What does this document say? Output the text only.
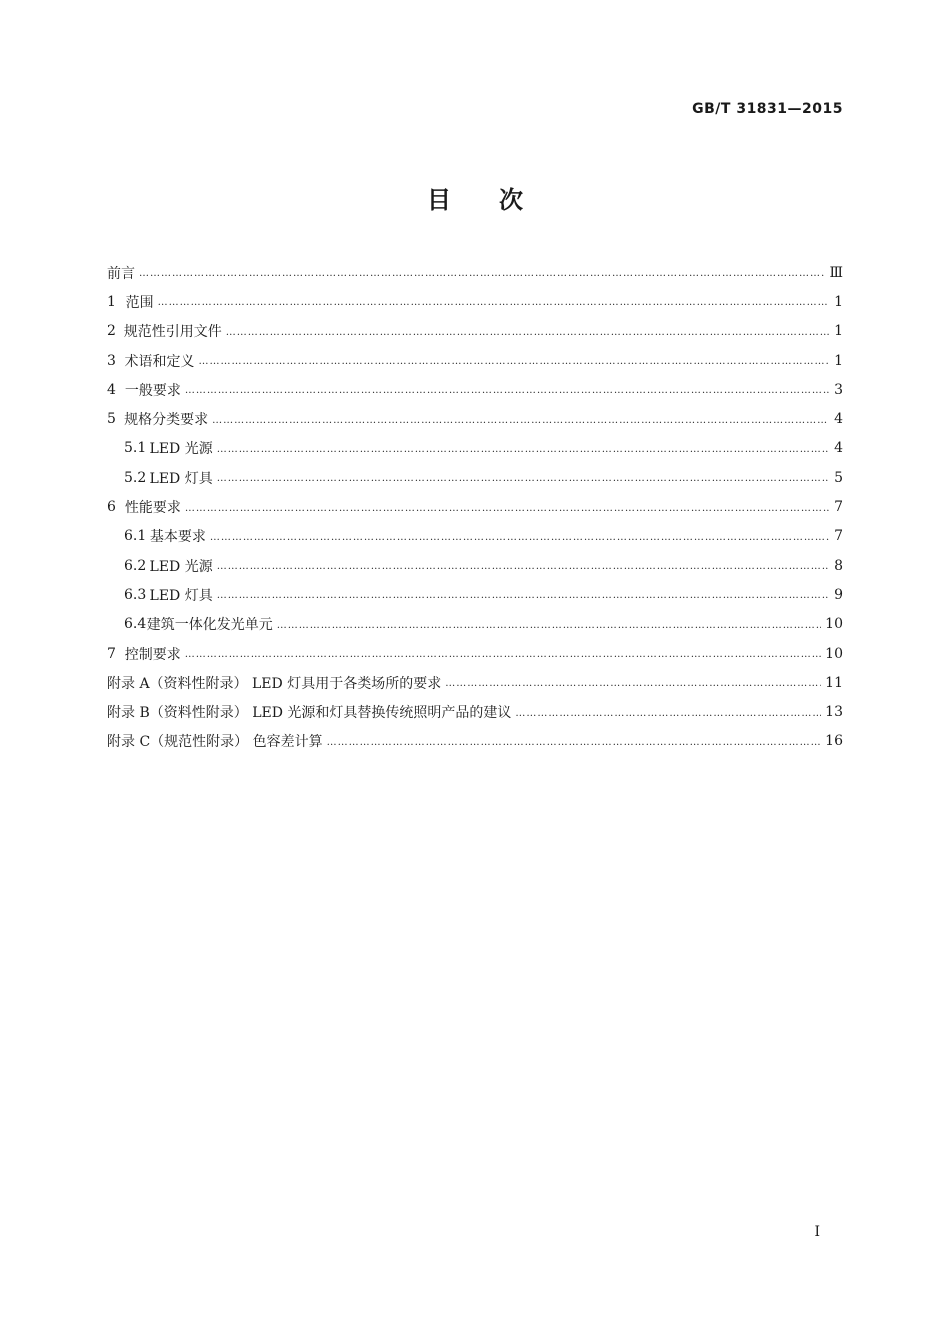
GB/T 31831—2015
目 次
前言 …………………………………………………………………………………………………………………………………………………………………………………………………………………………………	Ⅲ
1 范围 …………………………………………………………………………………………………………………………………………………………………………………………………………………………………	1
2 规范性引用文件 …………………………………………………………………………………………………………………………………………………………………………………………………………………………………	1
3 术语和定义 …………………………………………………………………………………………………………………………………………………………………………………………………………………………………	1
4 一般要求 …………………………………………………………………………………………………………………………………………………………………………………………………………………………………	3
5 规格分类要求 …………………………………………………………………………………………………………………………………………………………………………………………………………………………………	4
5.1 LED 光源 …………………………………………………………………………………………………………………………………………………………………………………………………………………………………	4
5.2 LED 灯具 …………………………………………………………………………………………………………………………………………………………………………………………………………………………………	5
6 性能要求 …………………………………………………………………………………………………………………………………………………………………………………………………………………………………	7
6.1 基本要求 …………………………………………………………………………………………………………………………………………………………………………………………………………………………………	7
6.2 LED 光源 …………………………………………………………………………………………………………………………………………………………………………………………………………………………………	8
6.3 LED 灯具 …………………………………………………………………………………………………………………………………………………………………………………………………………………………………	9
6.4 建筑一体化发光单元 …………………………………………………………………………………………………………………………………………………………………………………………………………………………………	10
7 控制要求 …………………………………………………………………………………………………………………………………………………………………………………………………………………………………	10
附录 A（资料性附录） LED 灯具用于各类场所的要求 …………………………………………………………………………………………………………………………………………………………………………………………………………………………………	11
附录 B（资料性附录） LED 光源和灯具替换传统照明产品的建议 …………………………………………………………………………………………………………………………………………………………………………………………………………………………………	13
附录 C（规范性附录） 色容差计算 …………………………………………………………………………………………………………………………………………………………………………………………………………………………………	16
I
